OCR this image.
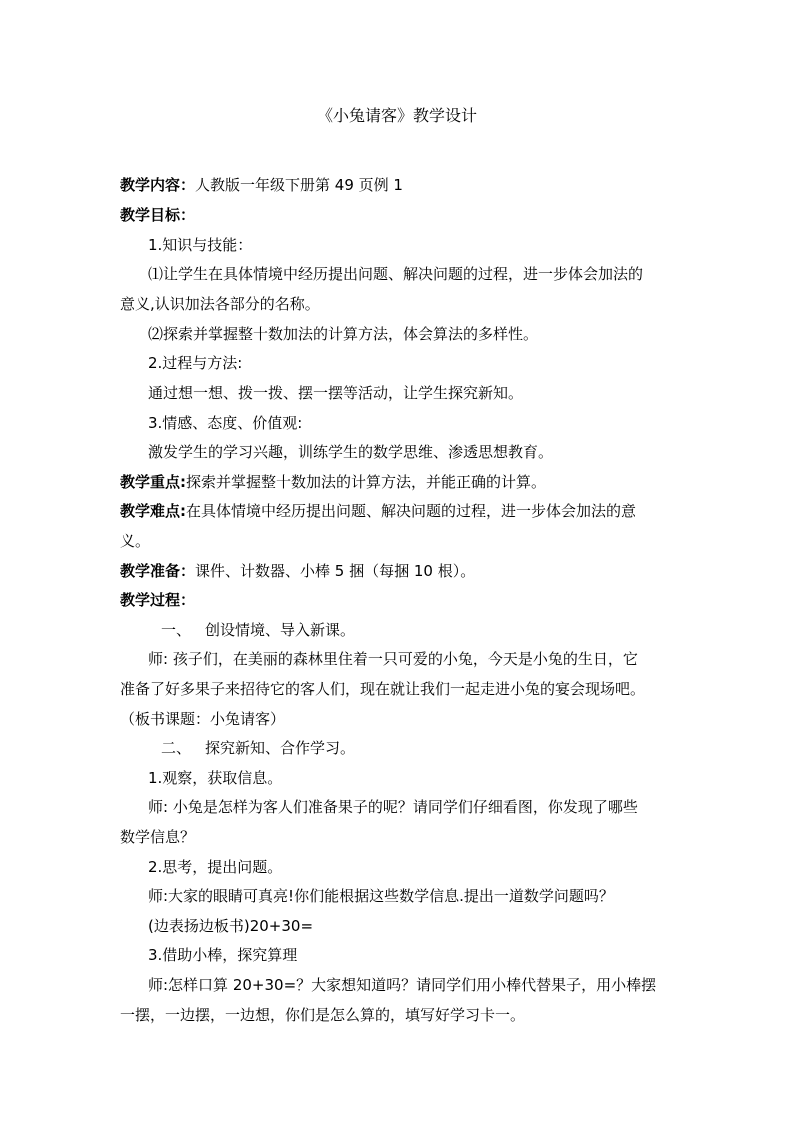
《小兔请客》教学设计
教学内容：人教版一年级下册第 49 页例 1
教学目标：
1.知识与技能：
⑴让学生在具体情境中经历提出问题、解决问题的过程，进一步体会加法的
意义,认识加法各部分的名称。
⑵探索并掌握整十数加法的计算方法，体会算法的多样性。
2.过程与方法:
通过想一想、拨一拨、摆一摆等活动，让学生探究新知。
3.情感、态度、价值观:
激发学生的学习兴趣，训练学生的数学思维、渗透思想教育。
教学重点:探索并掌握整十数加法的计算方法，并能正确的计算。
教学难点:在具体情境中经历提出问题、解决问题的过程，进一步体会加法的意
义。
教学准备：课件、计数器、小棒 5 捆（每捆 10 根）。
教学过程：
一、 创设情境、导入新课。
师: 孩子们，在美丽的森林里住着一只可爱的小兔，今天是小兔的生日，它
准备了好多果子来招待它的客人们，现在就让我们一起走进小兔的宴会现场吧。
（板书课题：小兔请客）
二、 探究新知、合作学习。
1.观察，获取信息。
师: 小兔是怎样为客人们准备果子的呢？请同学们仔细看图，你发现了哪些
数学信息？
2.思考，提出问题。
师:大家的眼睛可真亮!你们能根据这些数学信息.提出一道数学问题吗？
(边表扬边板书)20+30=
3.借助小棒，探究算理
师:怎样口算 20+30=？大家想知道吗？请同学们用小棒代替果子，用小棒摆
一摆，一边摆，一边想，你们是怎么算的，填写好学习卡一。
